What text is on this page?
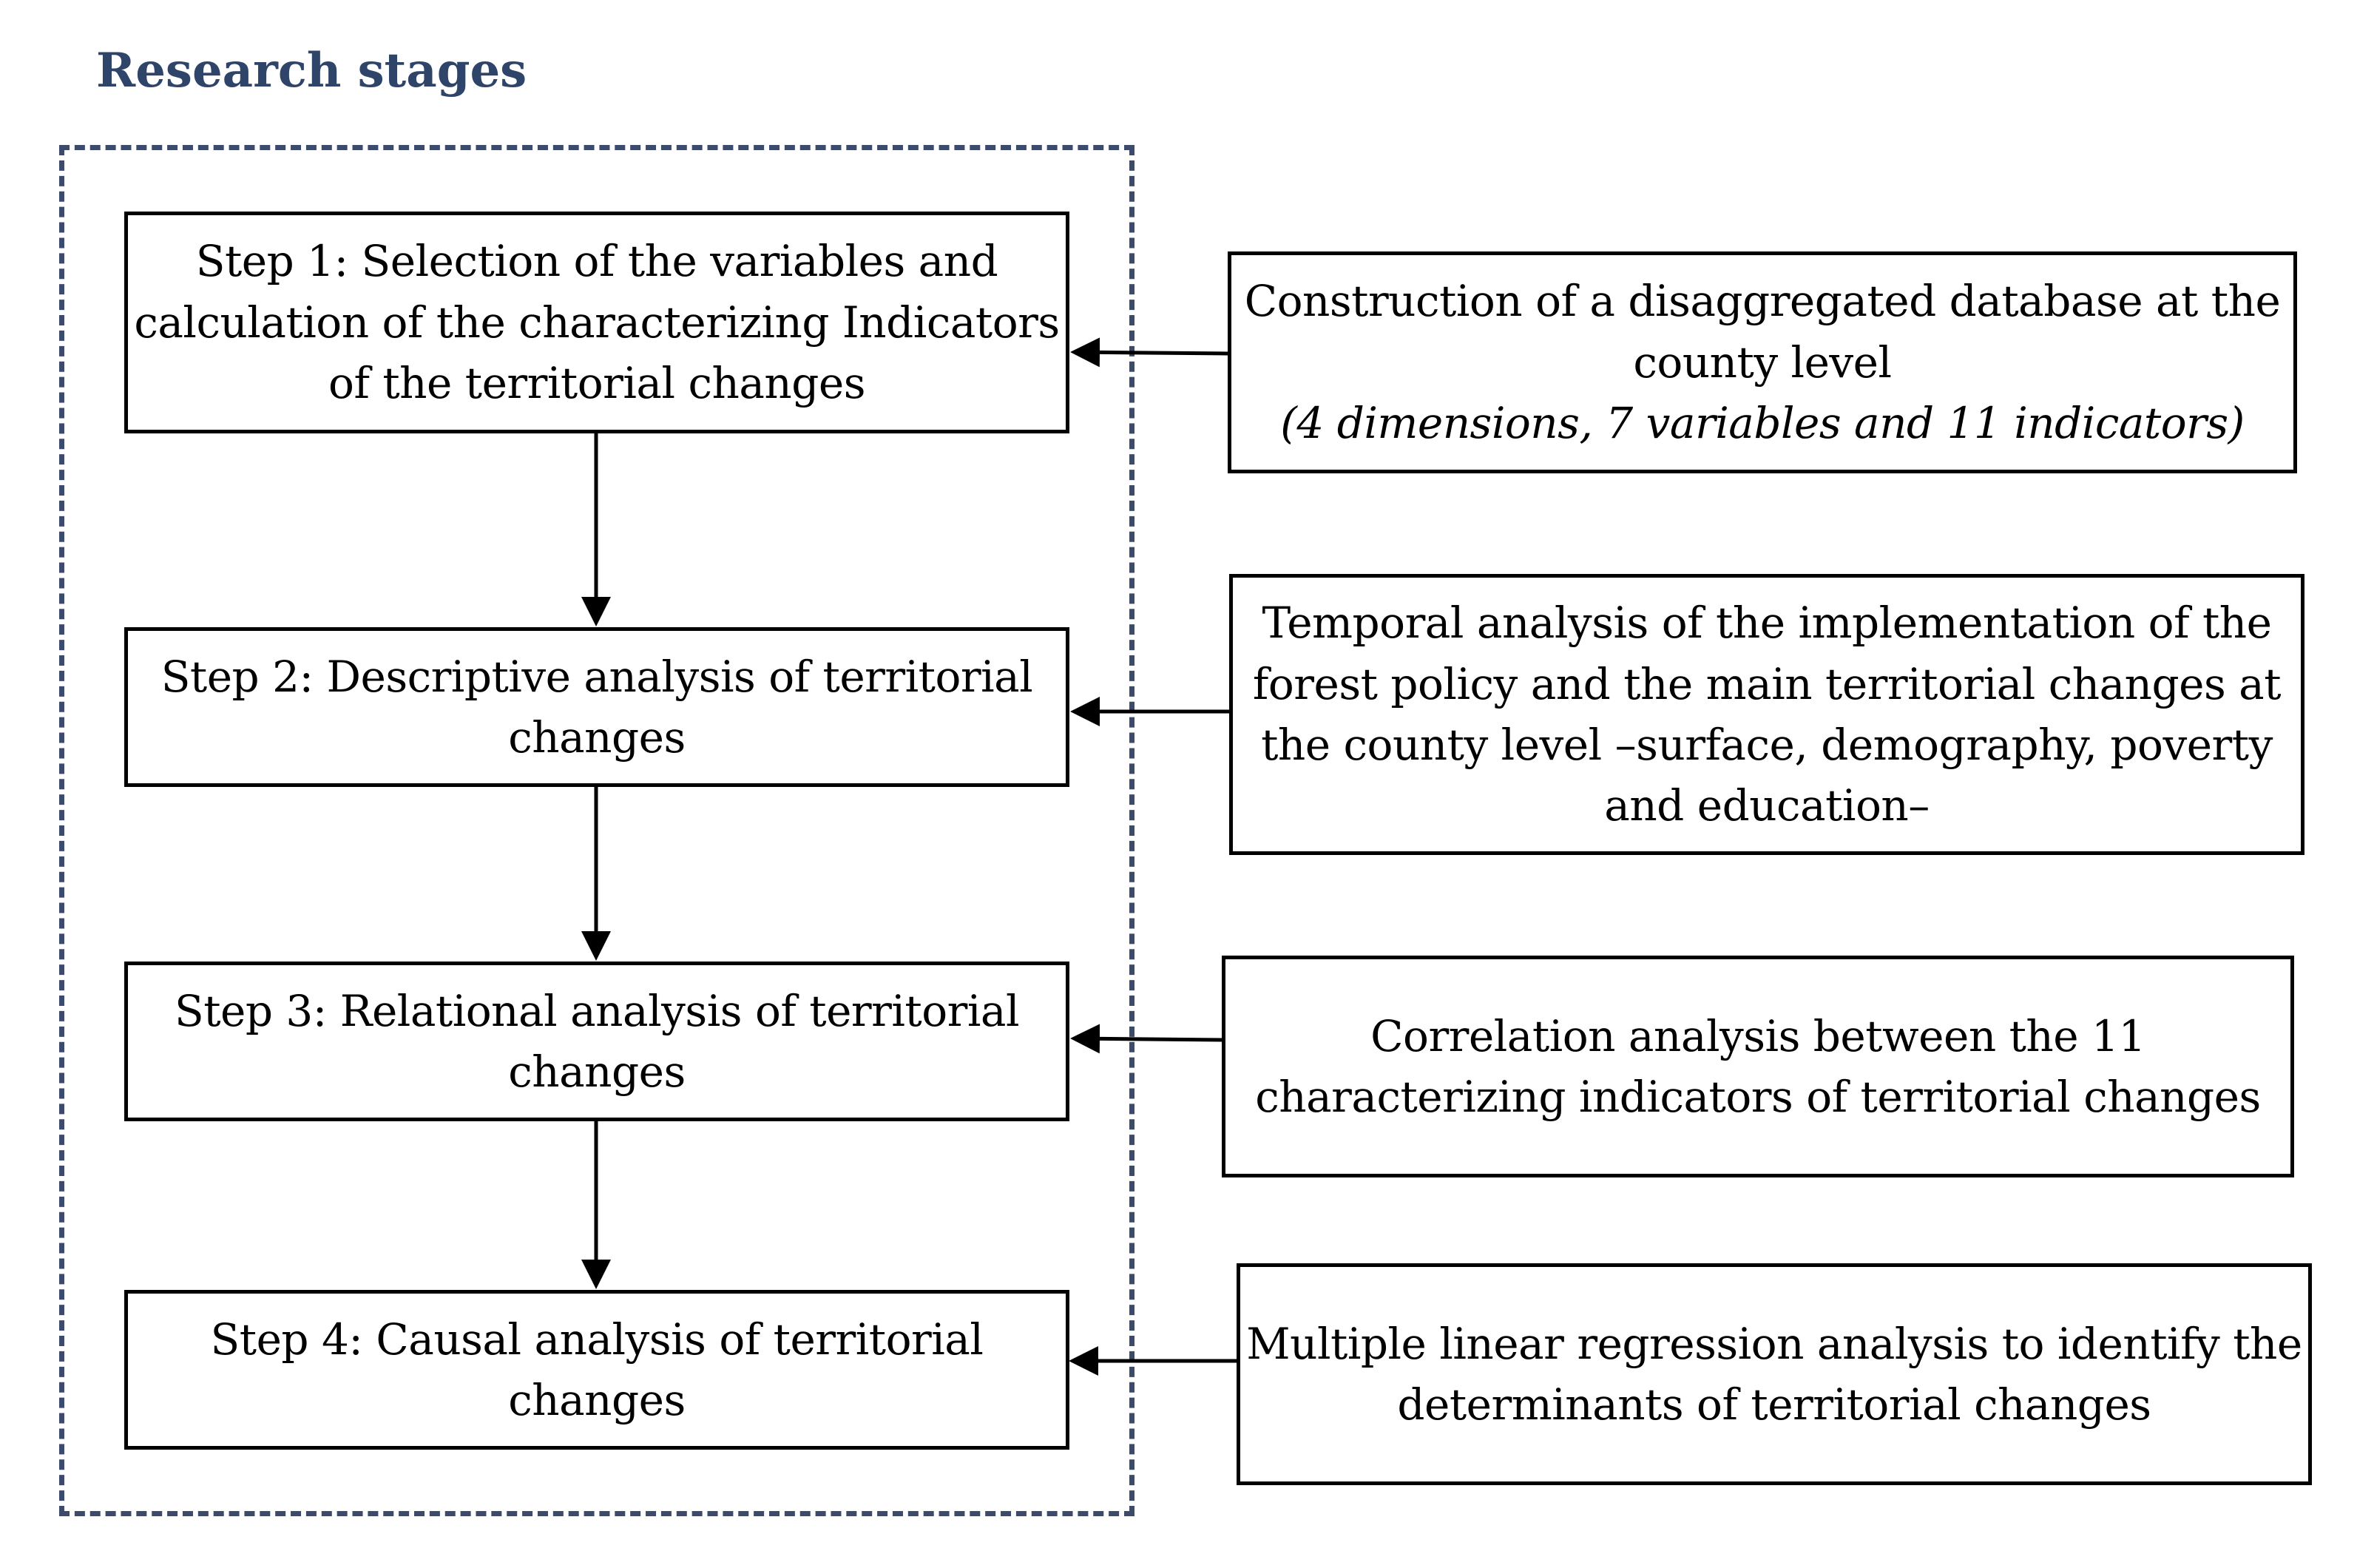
Research stages
Step 1: Selection of the variables and calculation of the characterizing Indicators of the territorial changes
Step 2: Descriptive analysis of territorial changes
Step 3: Relational analysis of territorial changes
Step 4: Causal analysis of territorial changes
Construction of a disaggregated database at the county level
(4 dimensions, 7 variables and 11 indicators)
Temporal analysis of the implementation of the forest policy and the main territorial changes at the county level –surface, demography, poverty and education–
Correlation analysis between the 11 characterizing indicators of territorial changes
Multiple linear regression analysis to identify the determinants of territorial changes
